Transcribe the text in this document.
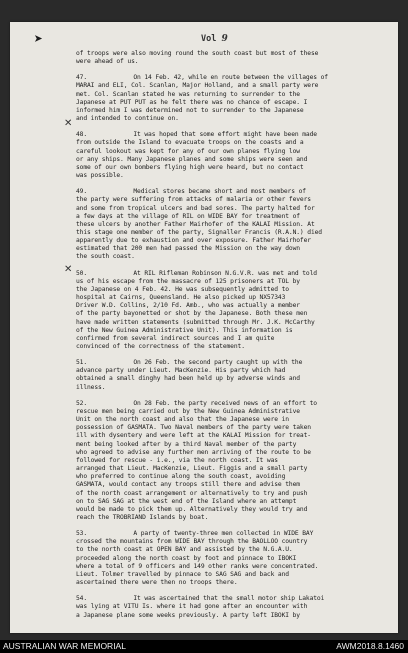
➤	Vol 9
✕
✕
of troops were also moving round the south coast but most of these
were ahead of us.
47.	On 14 Feb. 42, while en route between the villages of
MARAI and ELI, Col. Scanlan, Major Holland, and a small party were
met. Col. Scanlan stated he was returning to surrender to the
Japanese at PUT PUT as he felt there was no chance of escape. I
informed him I was determined not to surrender to the Japanese
and intended to continue on.
48.	It was hoped that some effort might have been made
from outside the Island to evacuate troops on the coasts and a
careful lookout was kept for any of our own planes flying low
or any ships. Many Japanese planes and some ships were seen and
some of our own bombers flying high were heard, but no contact
was possible.
49.	Medical stores became short and most members of
the party were suffering from attacks of malaria or other fevers
and some from tropical ulcers and bad sores. The party halted for
a few days at the village of RIL on WIDE BAY for treatment of
these ulcers by another Father Mairhofer of the KALAI Mission. At
this stage one member of the party, Signaller Francis (R.A.N.) died
apparently due to exhaustion and over exposure. Father Mairhofer
estimated that 200 men had passed the Mission on the way down
the south coast.
50.	At RIL Rifleman Robinson N.G.V.R. was met and told
us of his escape from the massacre of 125 prisoners at TOL by
the Japanese on 4 Feb. 42. He was subsequently admitted to
hospital at Cairns, Queensland. He also picked up NX57343
Driver W.D. Collins, 2/10 Fd. Amb., who was actually a member
of the party bayonetted or shot by the Japanese. Both these men
have made written statements (submitted through Mr. J.K. McCarthy
of the New Guinea Administrative Unit). This information is
confirmed from several indirect sources and I am quite
convinced of the correctness of the statement.
51.	On 26 Feb. the second party caught up with the
advance party under Lieut. MacKenzie. His party which had
obtained a small dinghy had been held up by adverse winds and
illness.
52.	On 28 Feb. the party received news of an effort to
rescue men being carried out by the New Guinea Administrative
Unit on the north coast and also that the Japanese were in
possession of GASMATA. Two Naval members of the party were taken
ill with dysentery and were left at the KALAI Mission for treat-
ment being looked after by a third Naval member of the party
who agreed to advise any further men arriving of the route to be
followed for rescue - i.e., via the north coast. It was
arranged that Lieut. MacKenzie, Lieut. Figgis and a small party
who preferred to continue along the south coast, avoiding
GASMATA, would contact any troops still there and advise them
of the north coast arrangement or alternatively to try and push
on to SAG SAG at the west end of the Island where an attempt
would be made to pick them up. Alternatively they would try and
reach the TROBRIAND Islands by boat.
53.	A party of twenty-three men collected in WIDE BAY
crossed the mountains from WIDE BAY through the BAOLLOO country
to the north coast at OPEN BAY and assisted by the N.G.A.U.
proceeded along the north coast by foot and pinnace to IBOKI
where a total of 9 officers and 149 other ranks were concentrated.
Lieut. Tolmer travelled by pinnace to SAG SAG and back and
ascertained there were then no troops there.
54.	It was ascertained that the small motor ship Lakatoi
was lying at VITU Is. where it had gone after an encounter with
a Japanese plane some weeks previously. A party left IBOKI by
AUSTRALIAN WAR MEMORIAL	AWM2018.8.1460
